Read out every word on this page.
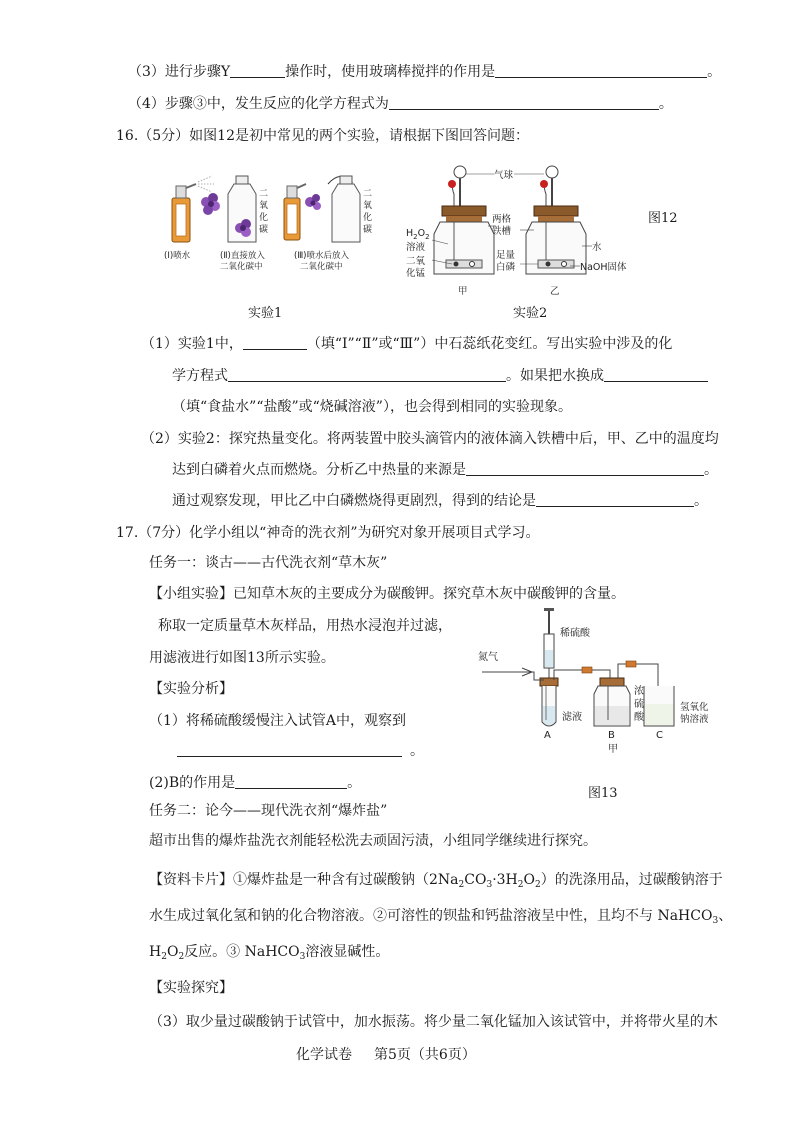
（3）进行步骤Y	操作时，使用玻璃棒搅拌的作用是	。
（4）步骤③中，发生反应的化学方程式为	。
16.（5分）如图12是初中常见的两个实验，请根据下图回答问题：
二
氧
化
碳
二
氧
化
碳
(Ⅰ)喷水	(Ⅱ)直接放入
二氧化碳中
(Ⅲ)喷水后放入
二氧化碳中
实验1
气球
两格
铁槽
$H_2O_2$
溶液
二氧
化锰
足量
白磷
水
NaOH固体
甲	乙
实验2
图12
（1）实验1中，	（填“Ⅰ”“Ⅱ”或“Ⅲ”）中石蕊纸花变红。写出实验中涉及的化
学方程式	。如果把水换成
（填“食盐水”“盐酸”或“烧碱溶液”），也会得到相同的实验现象。
（2）实验2：探究热量变化。将两装置中胶头滴管内的液体滴入铁槽中后，甲、乙中的温度均
达到白磷着火点而燃烧。分析乙中热量的来源是	。
通过观察发现，甲比乙中白磷燃烧得更剧烈，得到的结论是	。
17.（7分）化学小组以“神奇的洗衣剂”为研究对象开展项目式学习。
任务一：谈古——古代洗衣剂“草木灰”
【小组实验】已知草木灰的主要成分为碳酸钾。探究草木灰中碳酸钾的含量。
称取一定质量草木灰样品，用热水浸泡并过滤，
用滤液进行如图13所示实验。
【实验分析】
（1）将稀硫酸缓慢注入试管A中，观察到
。
(2)B的作用是	。
稀硫酸
氮气
滤液
浓
硫
酸
氢氧化
钠溶液
A	B	C
甲
图13
任务二：论今——现代洗衣剂“爆炸盐”
超市出售的爆炸盐洗衣剂能轻松洗去顽固污渍，小组同学继续进行探究。
【资料卡片】①爆炸盐是一种含有过碳酸钠$(2Na_2CO_3\cdot 3H_2O_2)$的洗涤用品，过碳酸钠溶于
水生成过氧化氢和钠的化合物溶液。②可溶性的钡盐和钙盐溶液呈中性，且均不与 NaHCO$_3$、
$H_2O_2$反应。③ NaHCO$_3$溶液显碱性。
【实验探究】
（3）取少量过碳酸钠于试管中，加水振荡。将少量二氧化锰加入该试管中，并将带火星的木
化学试卷 第5页（共6页）
